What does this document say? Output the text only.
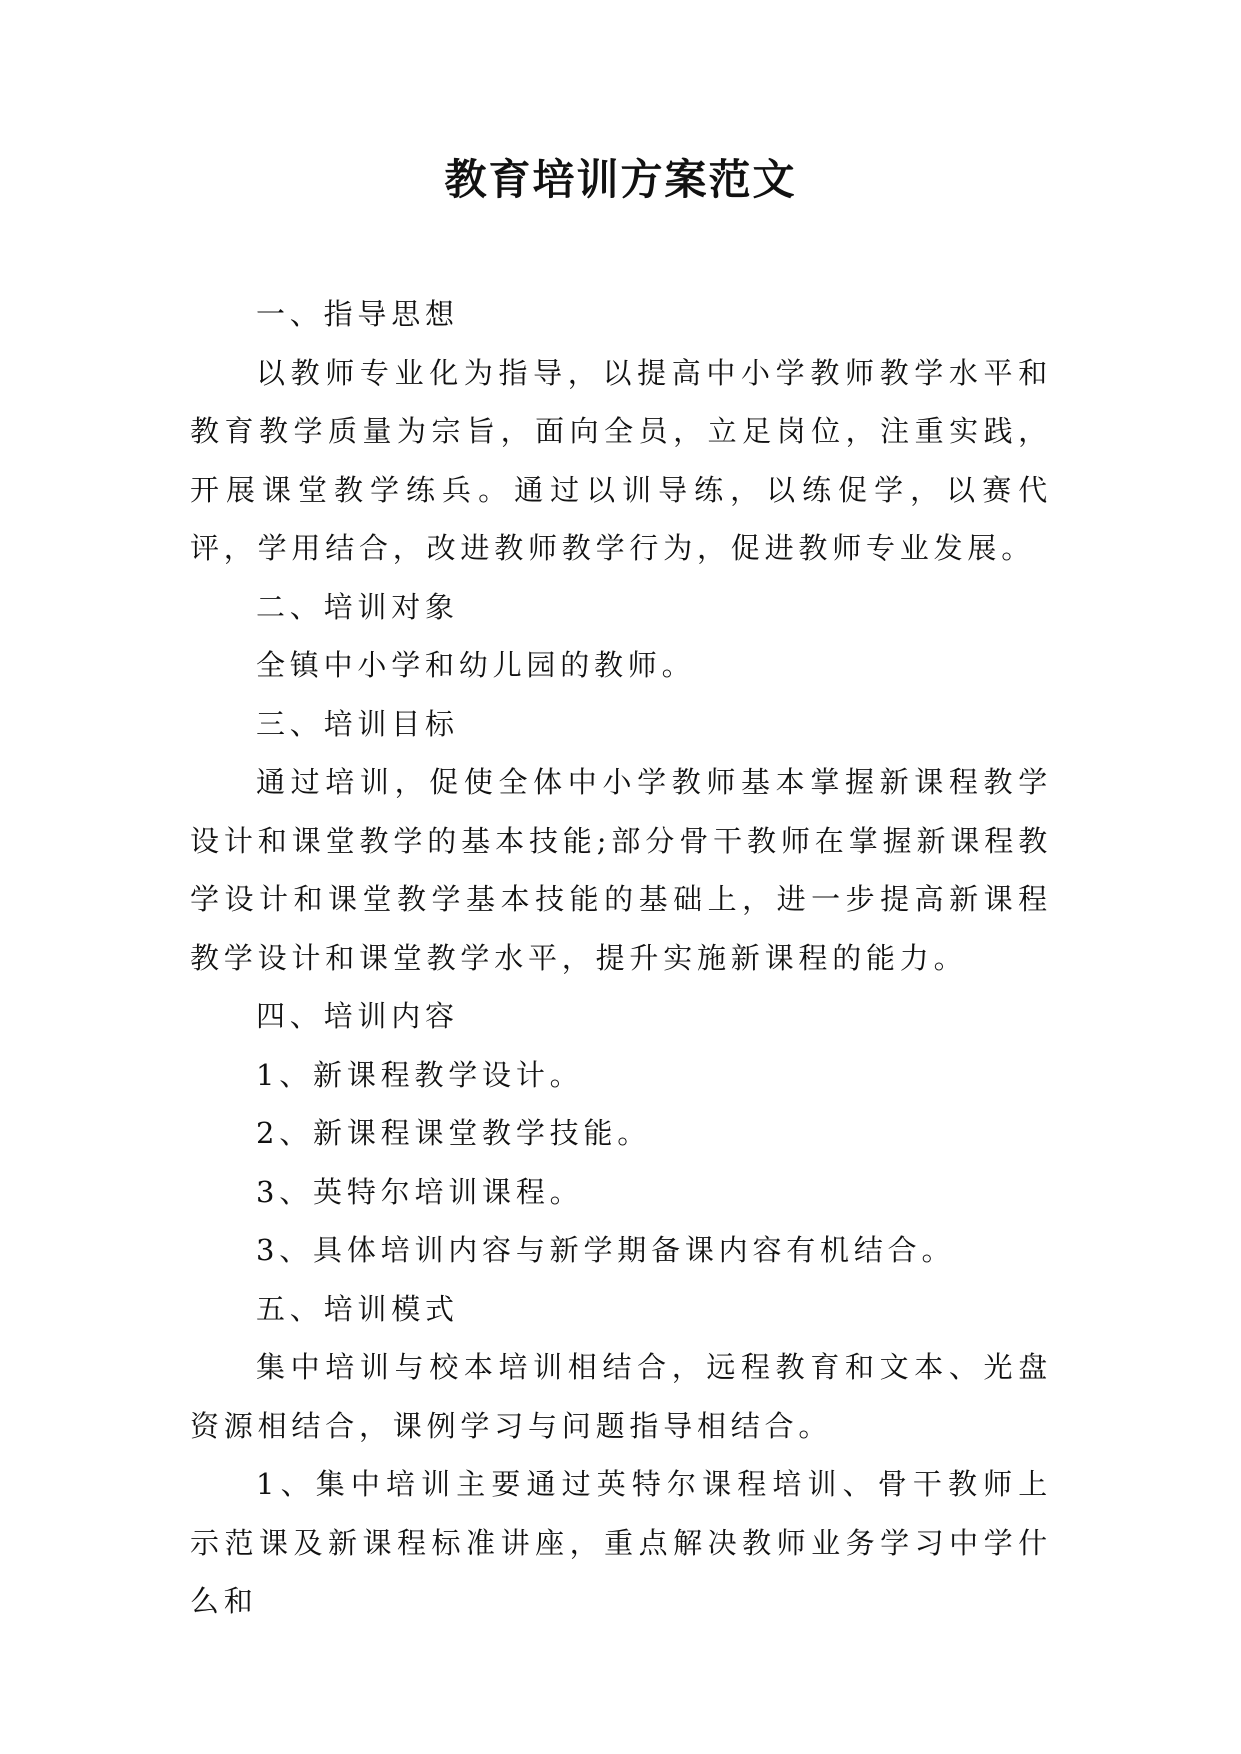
教育培训方案范文

一、指导思想

以教师专业化为指导，以提高中小学教师教学水平和教育教学质量为宗旨，面向全员，立足岗位，注重实践，开展课堂教学练兵。通过以训导练，以练促学，以赛代评，学用结合，改进教师教学行为，促进教师专业发展。

二、培训对象

全镇中小学和幼儿园的教师。

三、培训目标

通过培训，促使全体中小学教师基本掌握新课程教学设计和课堂教学的基本技能;部分骨干教师在掌握新课程教学设计和课堂教学基本技能的基础上，进一步提高新课程教学设计和课堂教学水平，提升实施新课程的能力。

四、培训内容

1、新课程教学设计。

2、新课程课堂教学技能。

3、英特尔培训课程。

3、具体培训内容与新学期备课内容有机结合。

五、培训模式

集中培训与校本培训相结合，远程教育和文本、光盘资源相结合，课例学习与问题指导相结合。

1、集中培训主要通过英特尔课程培训、骨干教师上示范课及新课程标准讲座，重点解决教师业务学习中学什么和
